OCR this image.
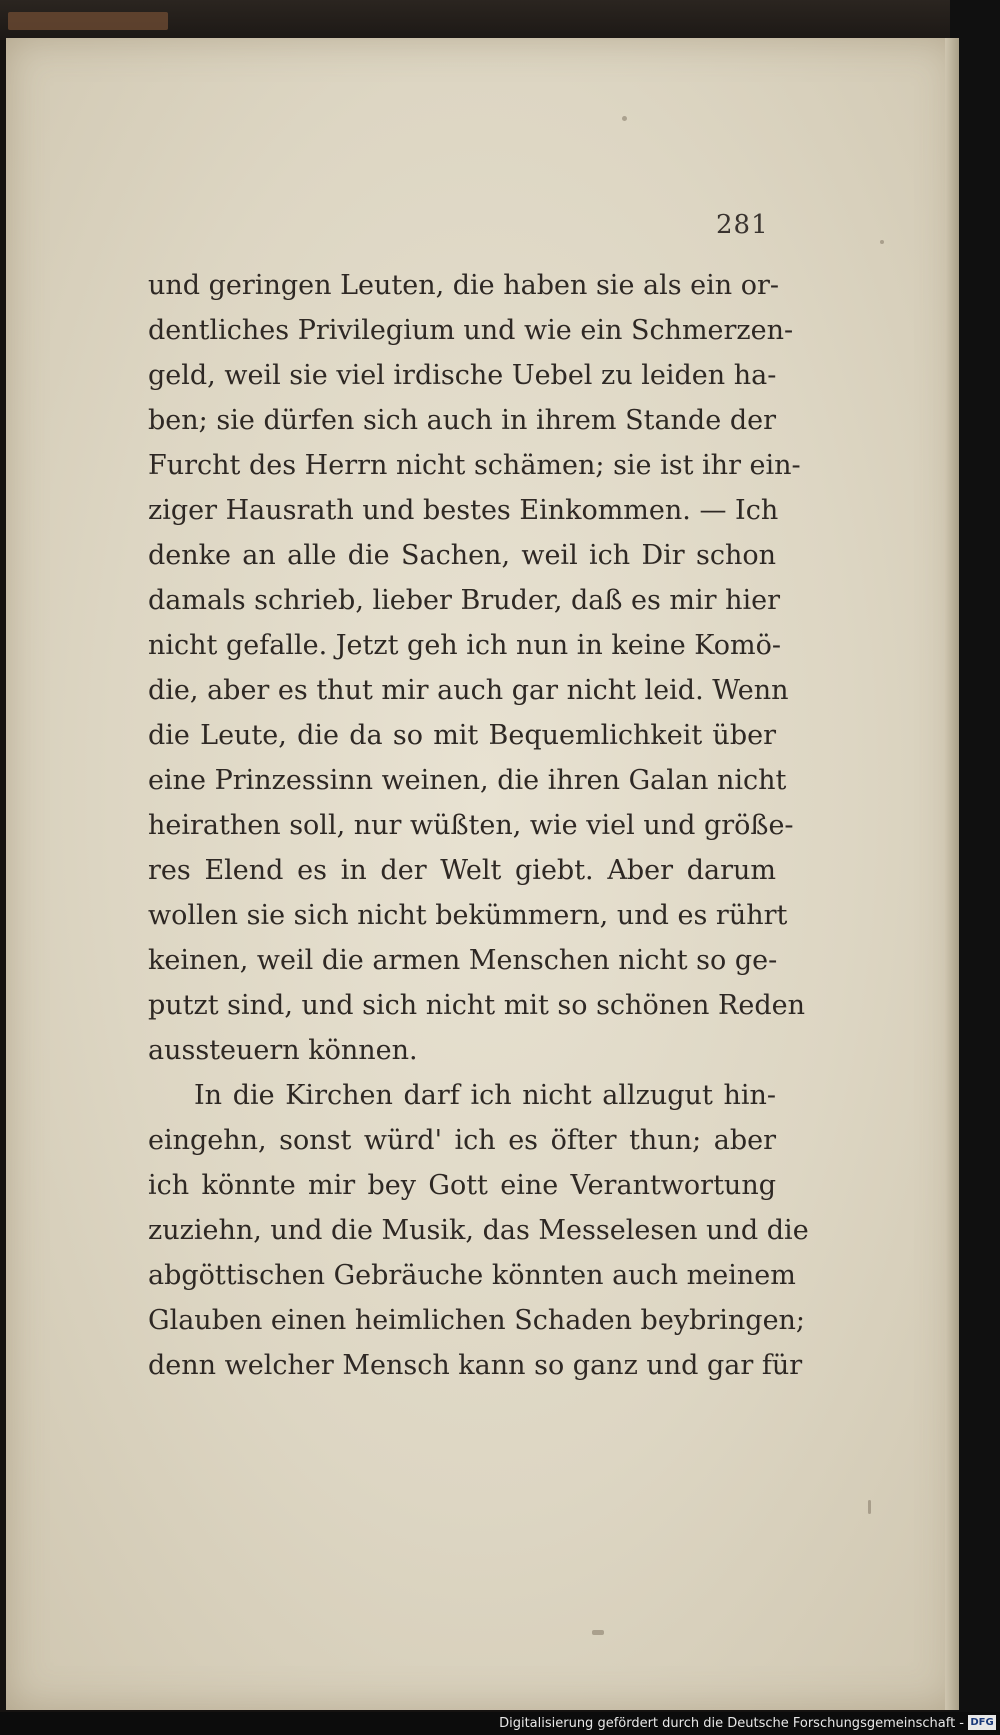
281
und geringen Leuten, die haben sie als ein or-
dentliches Privilegium und wie ein Schmerzen-
geld, weil sie viel irdische Uebel zu leiden ha-
ben; sie dürfen sich auch in ihrem Stande der
Furcht des Herrn nicht schämen; sie ist ihr ein-
ziger Hausrath und bestes Einkommen. — Ich
denke an alle die Sachen, weil ich Dir schon
damals schrieb, lieber Bruder, daß es mir hier
nicht gefalle. Jetzt geh ich nun in keine Komö-
die, aber es thut mir auch gar nicht leid. Wenn
die Leute, die da so mit Bequemlichkeit über
eine Prinzessinn weinen, die ihren Galan nicht
heirathen soll, nur wüßten, wie viel und größe-
res Elend es in der Welt giebt. Aber darum
wollen sie sich nicht bekümmern, und es rührt
keinen, weil die armen Menschen nicht so ge-
putzt sind, und sich nicht mit so schönen Reden
aussteuern können.
In die Kirchen darf ich nicht allzugut hin-
eingehn, sonst würd' ich es öfter thun; aber
ich könnte mir bey Gott eine Verantwortung
zuziehn, und die Musik, das Messelesen und die
abgöttischen Gebräuche könnten auch meinem
Glauben einen heimlichen Schaden beybringen;
denn welcher Mensch kann so ganz und gar für
Digitalisierung gefördert durch die Deutsche Forschungsgemeinschaft - DFG
